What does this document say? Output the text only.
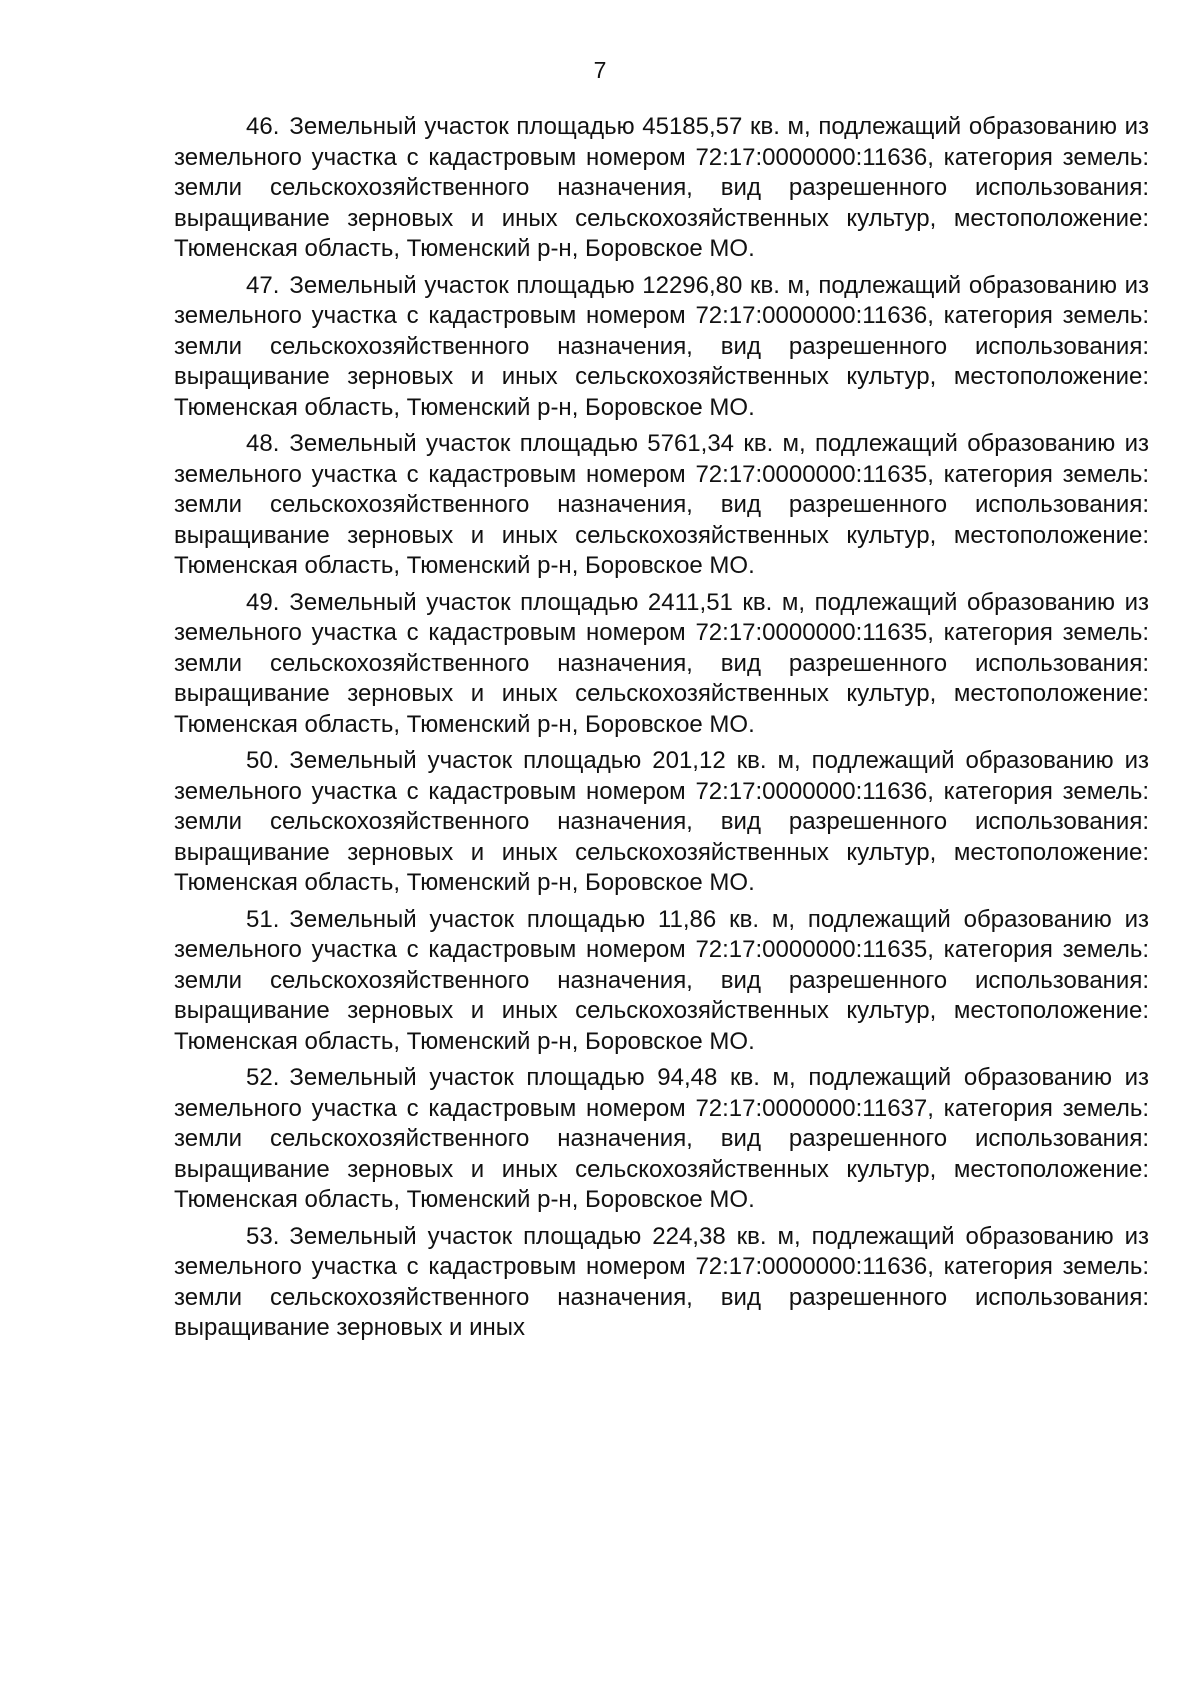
7

46. Земельный участок площадью 45185,57 кв. м, подлежащий образованию из земельного участка с кадастровым номером 72:17:0000000:11636, категория земель: земли сельскохозяйственного назначения, вид разрешенного использования: выращивание зерновых и иных сельскохозяйственных культур, местоположение: Тюменская область, Тюменский р-н, Боровское МО.

47. Земельный участок площадью 12296,80 кв. м, подлежащий образованию из земельного участка с кадастровым номером 72:17:0000000:11636, категория земель: земли сельскохозяйственного назначения, вид разрешенного использования: выращивание зерновых и иных сельскохозяйственных культур, местоположение: Тюменская область, Тюменский р-н, Боровское МО.

48. Земельный участок площадью 5761,34 кв. м, подлежащий образованию из земельного участка с кадастровым номером 72:17:0000000:11635, категория земель: земли сельскохозяйственного назначения, вид разрешенного использования: выращивание зерновых и иных сельскохозяйственных культур, местоположение: Тюменская область, Тюменский р-н, Боровское МО.

49. Земельный участок площадью 2411,51 кв. м, подлежащий образованию из земельного участка с кадастровым номером 72:17:0000000:11635, категория земель: земли сельскохозяйственного назначения, вид разрешенного использования: выращивание зерновых и иных сельскохозяйственных культур, местоположение: Тюменская область, Тюменский р-н, Боровское МО.

50. Земельный участок площадью 201,12 кв. м, подлежащий образованию из земельного участка с кадастровым номером 72:17:0000000:11636, категория земель: земли сельскохозяйственного назначения, вид разрешенного использования: выращивание зерновых и иных сельскохозяйственных культур, местоположение: Тюменская область, Тюменский р-н, Боровское МО.

51. Земельный участок площадью 11,86 кв. м, подлежащий образованию из земельного участка с кадастровым номером 72:17:0000000:11635, категория земель: земли сельскохозяйственного назначения, вид разрешенного использования: выращивание зерновых и иных сельскохозяйственных культур, местоположение: Тюменская область, Тюменский р-н, Боровское МО.

52. Земельный участок площадью 94,48 кв. м, подлежащий образованию из земельного участка с кадастровым номером 72:17:0000000:11637, категория земель: земли сельскохозяйственного назначения, вид разрешенного использования: выращивание зерновых и иных сельскохозяйственных культур, местоположение: Тюменская область, Тюменский р-н, Боровское МО.

53. Земельный участок площадью 224,38 кв. м, подлежащий образованию из земельного участка с кадастровым номером 72:17:0000000:11636, категория земель: земли сельскохозяйственного назначения, вид разрешенного использования: выращивание зерновых и иных
